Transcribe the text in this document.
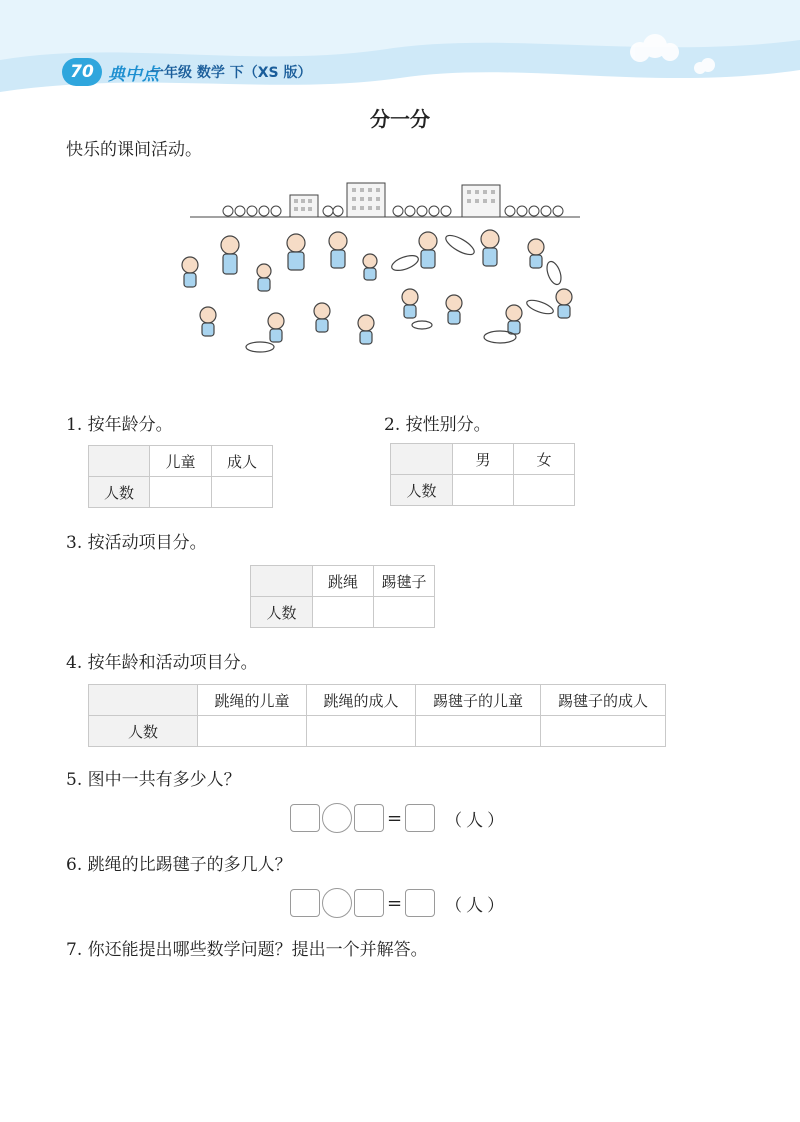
70 典中点
一年级 数学 下（XS 版）
分一分
快乐的课间活动。
1. 按年龄分。
	儿童	成人
人数		
2. 按性别分。
	男	女
人数		
3. 按活动项目分。
	跳绳	踢毽子
人数		
4. 按年龄和活动项目分。
	跳绳的儿童	跳绳的成人	踢毽子的儿童	踢毽子的成人
人数				
5. 图中一共有多少人？
=	（人）
6. 跳绳的比踢毽子的多几人？
=	（人）
7. 你还能提出哪些数学问题？提出一个并解答。
